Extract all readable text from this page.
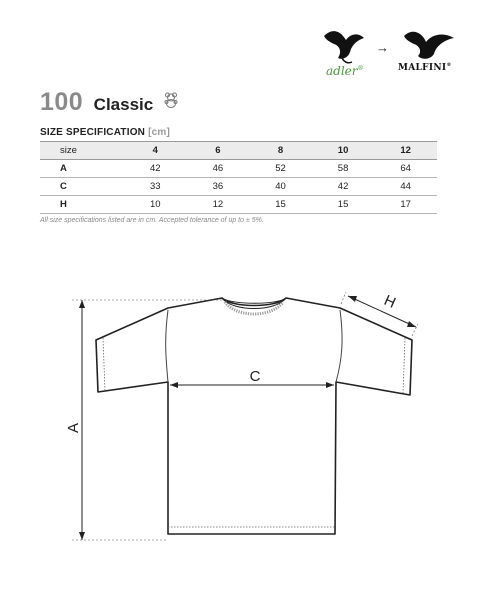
adler®
→
MALFINI®
100 Classic
SIZE SPECIFICATION [cm]
size	4	6	8	10	12
A	42	46	52	58	64
C	33	36	40	42	44
H	10	12	15	15	17
All size specifications listed are in cm. Accepted tolerance of up to ± 5%.
A
C
H
